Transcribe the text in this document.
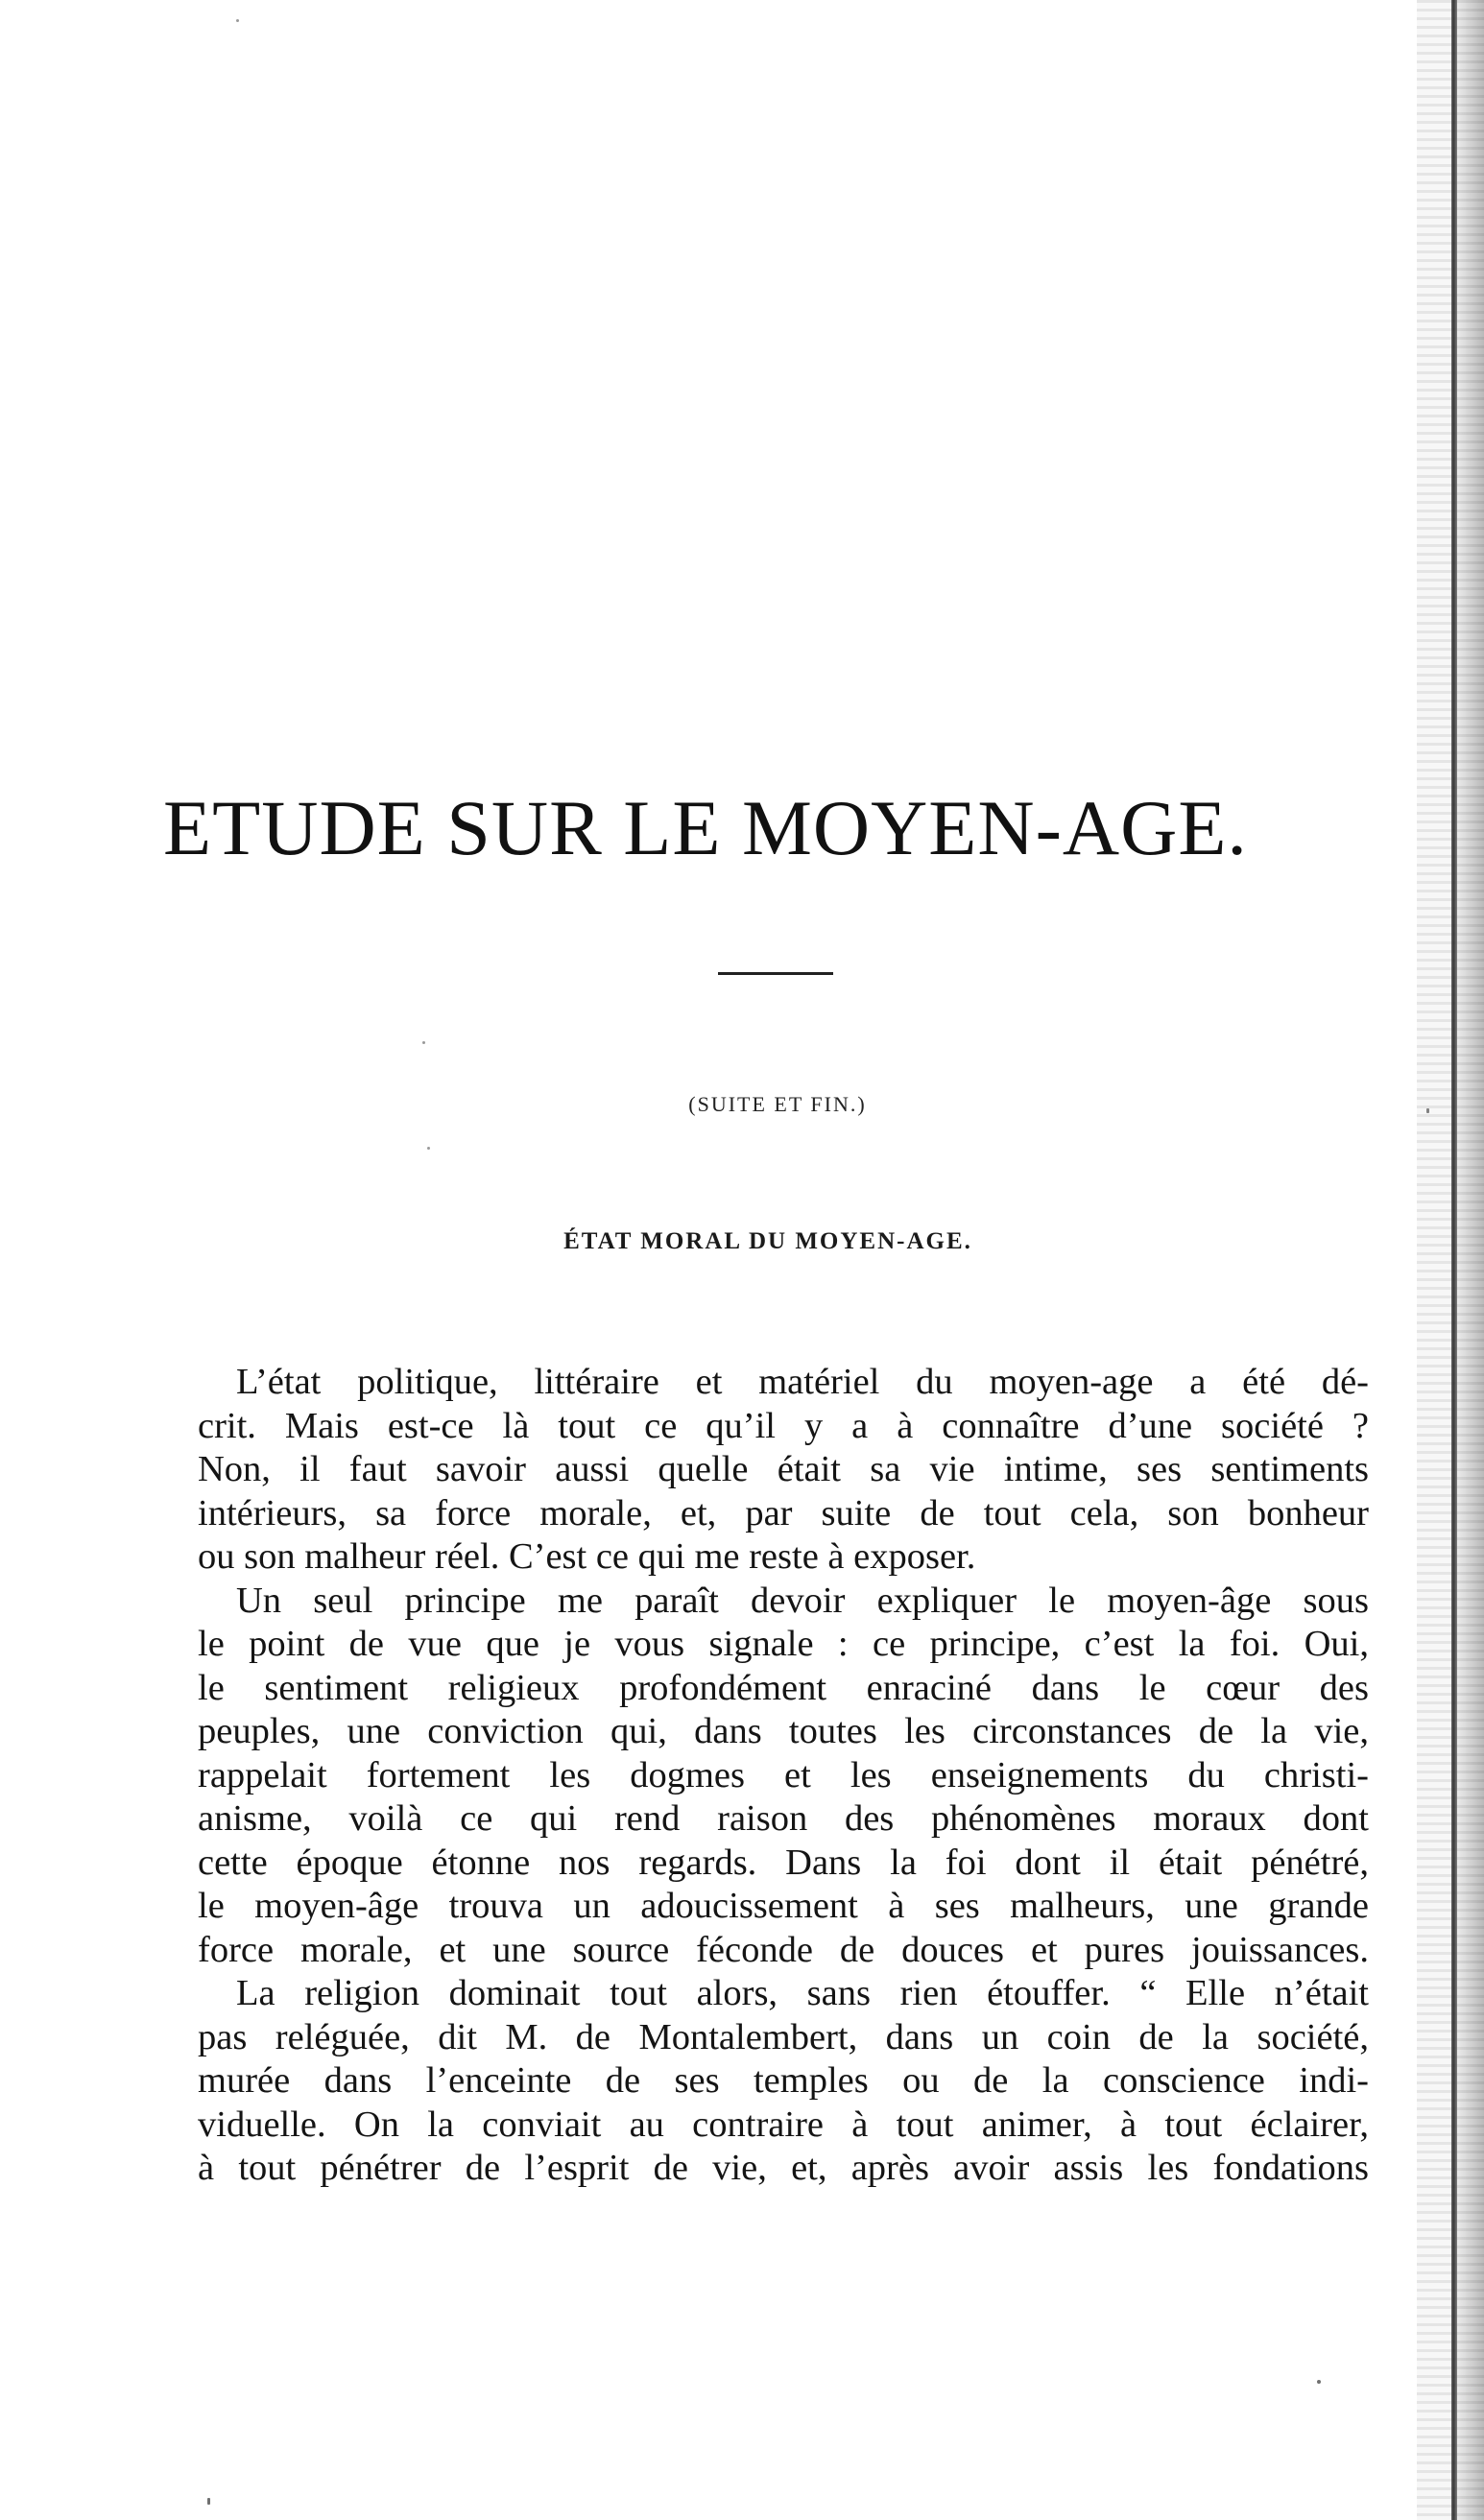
ETUDE SUR LE MOYEN-AGE.
(SUITE ET FIN.)
ÉTAT MORAL DU MOYEN-AGE.

L’état politique, littéraire et matériel du moyen-age a été dé-
crit. Mais est-ce là tout ce qu’il y a à connaître d’une société ?
Non, il faut savoir aussi quelle était sa vie intime, ses sentiments
intérieurs, sa force morale, et, par suite de tout cela, son bonheur
ou son malheur réel. C’est ce qui me reste à exposer.

Un seul principe me paraît devoir expliquer le moyen-âge sous
le point de vue que je vous signale : ce principe, c’est la foi. Oui,
le sentiment religieux profondément enraciné dans le cœur des
peuples, une conviction qui, dans toutes les circonstances de la vie,
rappelait fortement les dogmes et les enseignements du christi-
anisme, voilà ce qui rend raison des phénomènes moraux dont
cette époque étonne nos regards. Dans la foi dont il était pénétré,
le moyen-âge trouva un adoucissement à ses malheurs, une grande
force morale, et une source féconde de douces et pures jouissances.

La religion dominait tout alors, sans rien étouffer. “ Elle n’était
pas reléguée, dit M. de Montalembert, dans un coin de la société,
murée dans l’enceinte de ses temples ou de la conscience indi-
viduelle. On la conviait au contraire à tout animer, à tout éclairer,
à tout pénétrer de l’esprit de vie, et, après avoir assis les fondations
